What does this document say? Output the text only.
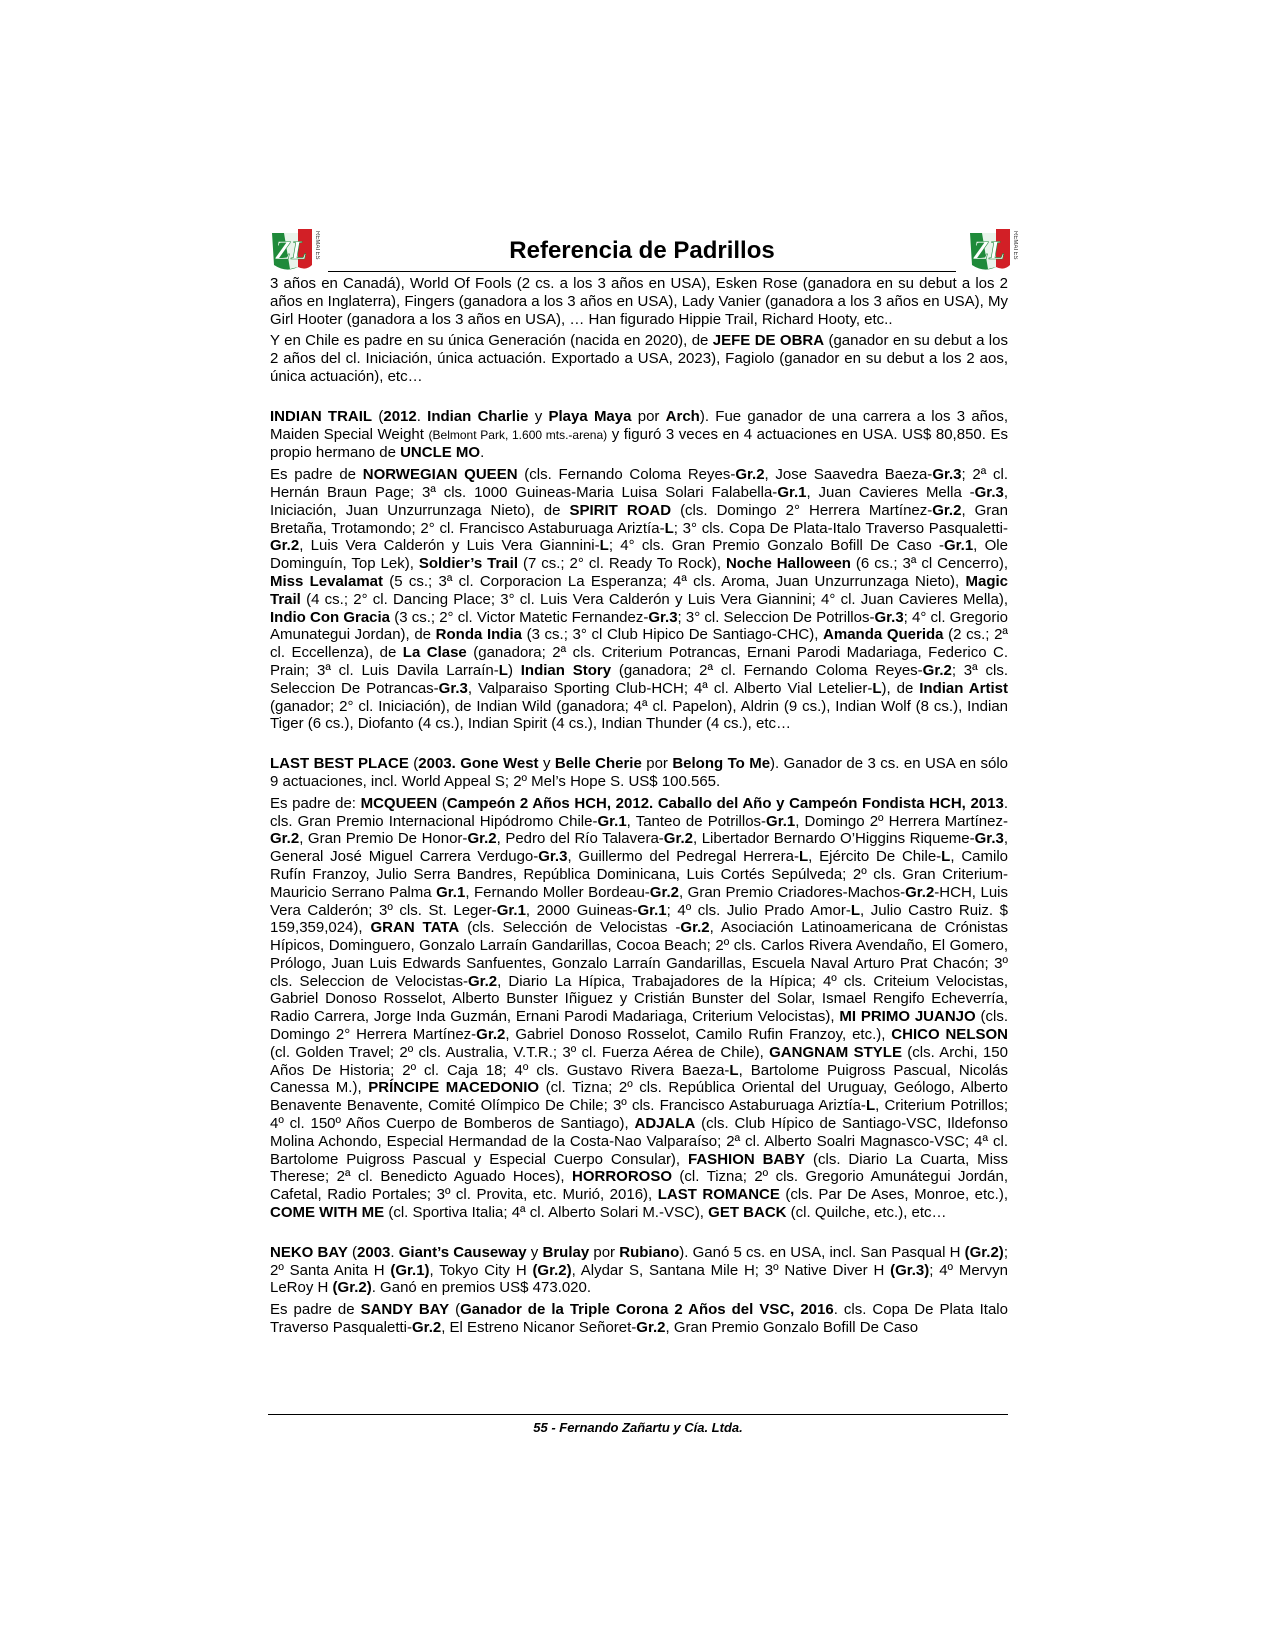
ZL REMATES	Referencia de Padrillos	ZL REMATES

3 años en Canadá), World Of Fools (2 cs. a los 3 años en USA), Esken Rose (ganadora en su debut a los 2 años en Inglaterra), Fingers (ganadora a los 3 años en USA), Lady Vanier (ganadora a los 3 años en USA), My Girl Hooter (ganadora a los 3 años en USA), … Han figurado Hippie Trail, Richard Hooty, etc..

Y en Chile es padre en su única Generación (nacida en 2020), de JEFE DE OBRA (ganador en su debut a los 2 años del cl. Iniciación, única actuación. Exportado a USA, 2023), Fagiolo (ganador en su debut a los 2 aos, única actuación), etc…

INDIAN TRAIL (2012. Indian Charlie y Playa Maya por Arch). Fue ganador de una carrera a los 3 años, Maiden Special Weight (Belmont Park, 1.600 mts.-arena) y figuró 3 veces en 4 actuaciones en USA. US$ 80,850. Es propio hermano de UNCLE MO.

Es padre de NORWEGIAN QUEEN (cls. Fernando Coloma Reyes-Gr.2, Jose Saavedra Baeza-Gr.3; 2ª cl. Hernán Braun Page; 3ª cls. 1000 Guineas-Maria Luisa Solari Falabella-Gr.1, Juan Cavieres Mella -Gr.3, Iniciación, Juan Unzurrunzaga Nieto), de SPIRIT ROAD (cls. Domingo 2° Herrera Martínez-Gr.2, Gran Bretaña, Trotamondo; 2° cl. Francisco Astaburuaga Ariztía-L; 3° cls. Copa De Plata-Italo Traverso Pasqualetti-Gr.2, Luis Vera Calderón y Luis Vera Giannini-L; 4° cls. Gran Premio Gonzalo Bofill De Caso -Gr.1, Ole Dominguín, Top Lek), Soldier’s Trail (7 cs.; 2° cl. Ready To Rock), Noche Halloween (6 cs.; 3ª cl Cencerro), Miss Levalamat (5 cs.; 3ª cl. Corporacion La Esperanza; 4ª cls. Aroma, Juan Unzurrunzaga Nieto), Magic Trail (4 cs.; 2° cl. Dancing Place; 3° cl. Luis Vera Calderón y Luis Vera Giannini; 4° cl. Juan Cavieres Mella), Indio Con Gracia (3 cs.; 2° cl. Victor Matetic Fernandez-Gr.3; 3° cl. Seleccion De Potrillos-Gr.3; 4° cl. Gregorio Amunategui Jordan), de Ronda India (3 cs.; 3° cl Club Hipico De Santiago-CHC), Amanda Querida (2 cs.; 2ª cl. Eccellenza), de La Clase (ganadora; 2ª cls. Criterium Potrancas, Ernani Parodi Madariaga, Federico C. Prain; 3ª cl. Luis Davila Larraín-L) Indian Story (ganadora; 2ª cl. Fernando Coloma Reyes-Gr.2; 3ª cls. Seleccion De Potrancas-Gr.3, Valparaiso Sporting Club-HCH; 4ª cl. Alberto Vial Letelier-L), de Indian Artist (ganador; 2° cl. Iniciación), de Indian Wild (ganadora; 4ª cl. Papelon), Aldrin (9 cs.), Indian Wolf (8 cs.), Indian Tiger (6 cs.), Diofanto (4 cs.), Indian Spirit (4 cs.), Indian Thunder (4 cs.), etc…

LAST BEST PLACE (2003. Gone West y Belle Cherie por Belong To Me). Ganador de 3 cs. en USA en sólo 9 actuaciones, incl. World Appeal S; 2º Mel’s Hope S. US$ 100.565.

Es padre de: MCQUEEN (Campeón 2 Años HCH, 2012. Caballo del Año y Campeón Fondista HCH, 2013. cls. Gran Premio Internacional Hipódromo Chile-Gr.1, Tanteo de Potrillos-Gr.1, Domingo 2º Herrera Martínez-Gr.2, Gran Premio De Honor-Gr.2, Pedro del Río Talavera-Gr.2, Libertador Bernardo O’Higgins Riqueme-Gr.3, General José Miguel Carrera Verdugo-Gr.3, Guillermo del Pedregal Herrera-L, Ejército De Chile-L, Camilo Rufín Franzoy, Julio Serra Bandres, República Dominicana, Luis Cortés Sepúlveda; 2º cls. Gran Criterium-Mauricio Serrano Palma Gr.1, Fernando Moller Bordeau-Gr.2, Gran Premio Criadores-Machos-Gr.2-HCH, Luis Vera Calderón; 3º cls. St. Leger-Gr.1, 2000 Guineas-Gr.1; 4º cls. Julio Prado Amor-L, Julio Castro Ruiz. $ 159,359,024), GRAN TATA (cls. Selección de Velocistas -Gr.2, Asociación Latinoamericana de Crónistas Hípicos, Dominguero, Gonzalo Larraín Gandarillas, Cocoa Beach; 2º cls. Carlos Rivera Avendaño, El Gomero, Prólogo, Juan Luis Edwards Sanfuentes, Gonzalo Larraín Gandarillas, Escuela Naval Arturo Prat Chacón; 3º cls. Seleccion de Velocistas-Gr.2, Diario La Hípica, Trabajadores de la Hípica; 4º cls. Criteium Velocistas, Gabriel Donoso Rosselot, Alberto Bunster Iñiguez y Cristián Bunster del Solar, Ismael Rengifo Echeverría, Radio Carrera, Jorge Inda Guzmán, Ernani Parodi Madariaga, Criterium Velocistas), MI PRIMO JUANJO (cls. Domingo 2° Herrera Martínez-Gr.2, Gabriel Donoso Rosselot, Camilo Rufin Franzoy, etc.), CHICO NELSON (cl. Golden Travel; 2º cls. Australia, V.T.R.; 3º cl. Fuerza Aérea de Chile), GANGNAM STYLE (cls. Archi, 150 Años De Historia; 2º cl. Caja 18; 4º cls. Gustavo Rivera Baeza-L, Bartolome Puigross Pascual, Nicolás Canessa M.), PRÍNCIPE MACEDONIO (cl. Tizna; 2º cls. República Oriental del Uruguay, Geólogo, Alberto Benavente Benavente, Comité Olímpico De Chile; 3º cls. Francisco Astaburuaga Ariztía-L, Criterium Potrillos; 4º cl. 150º Años Cuerpo de Bomberos de Santiago), ADJALA (cls. Club Hípico de Santiago-VSC, Ildefonso Molina Achondo, Especial Hermandad de la Costa-Nao Valparaíso; 2ª cl. Alberto Soalri Magnasco-VSC; 4ª cl. Bartolome Puigross Pascual y Especial Cuerpo Consular), FASHION BABY (cls. Diario La Cuarta, Miss Therese; 2ª cl. Benedicto Aguado Hoces), HORROROSO (cl. Tizna; 2º cls. Gregorio Amunátegui Jordán, Cafetal, Radio Portales; 3º cl. Provita, etc. Murió, 2016), LAST ROMANCE (cls. Par De Ases, Monroe, etc.), COME WITH ME (cl. Sportiva Italia; 4ª cl. Alberto Solari M.-VSC), GET BACK (cl. Quilche, etc.), etc…

NEKO BAY (2003. Giant’s Causeway y Brulay por Rubiano). Ganó 5 cs. en USA, incl. San Pasqual H (Gr.2); 2º Santa Anita H (Gr.1), Tokyo City H (Gr.2), Alydar S, Santana Mile H; 3º Native Diver H (Gr.3); 4º Mervyn LeRoy H (Gr.2). Ganó en premios US$ 473.020.

Es padre de SANDY BAY (Ganador de la Triple Corona 2 Años del VSC, 2016. cls. Copa De Plata Italo Traverso Pasqualetti-Gr.2, El Estreno Nicanor Señoret-Gr.2, Gran Premio Gonzalo Bofill De Caso

55 - Fernando Zañartu y Cía. Ltda.
